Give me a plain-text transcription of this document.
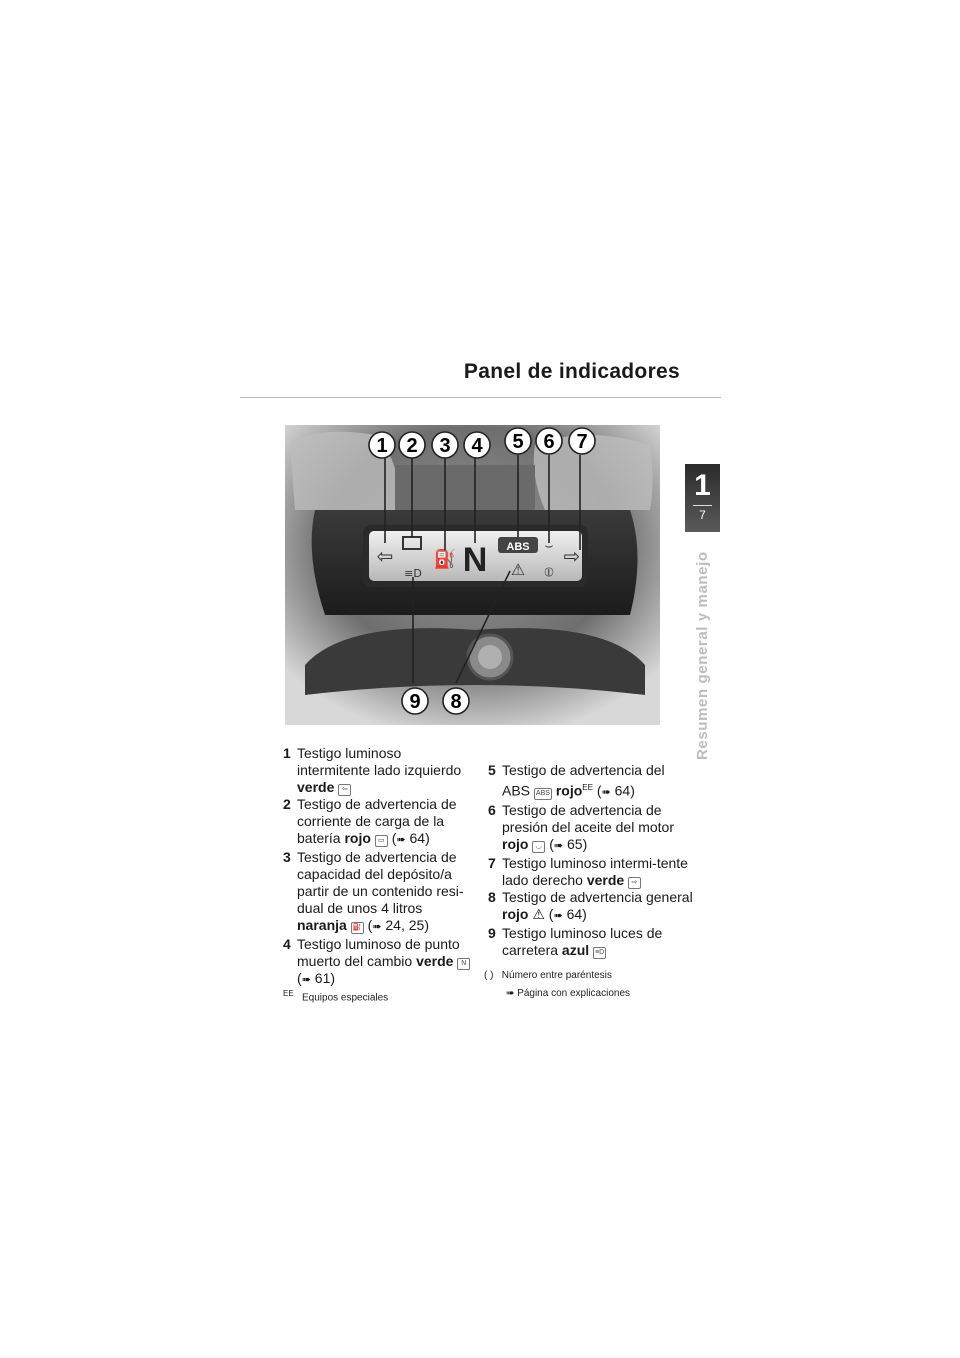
Panel de indicadores
1
7
Resumen general y manejo
⇦
≡D
⛽ N ABS
⚠
⌣
⦶
⇨
1 2 3 4 5 6 7
8
9
1 Testigo luminoso intermitente lado izquierdo verde ⇦
2 Testigo de advertencia de corriente de carga de la batería rojo ▭ (➠ 64)
3 Testigo de advertencia de capacidad del depósito/a partir de un contenido resi-dual de unos 4 litros naranja ⛽ (➠ 24, 25)
4 Testigo luminoso de punto muerto del cambio verde N (➠ 61)
5 Testigo de advertencia del ABS ABS rojo$^{EE}$ (➠ 64)
6 Testigo de advertencia de presión del aceite del motor rojo ◡ (➠ 65)
7 Testigo luminoso intermi-tente lado derecho verde ⇨
8 Testigo de advertencia general rojo ⚠ (➠ 64)
9 Testigo luminoso luces de carretera azul ≡D
( ) Número entre paréntesis
➠ Página con explicaciones
$^{EE}$ Equipos especiales
